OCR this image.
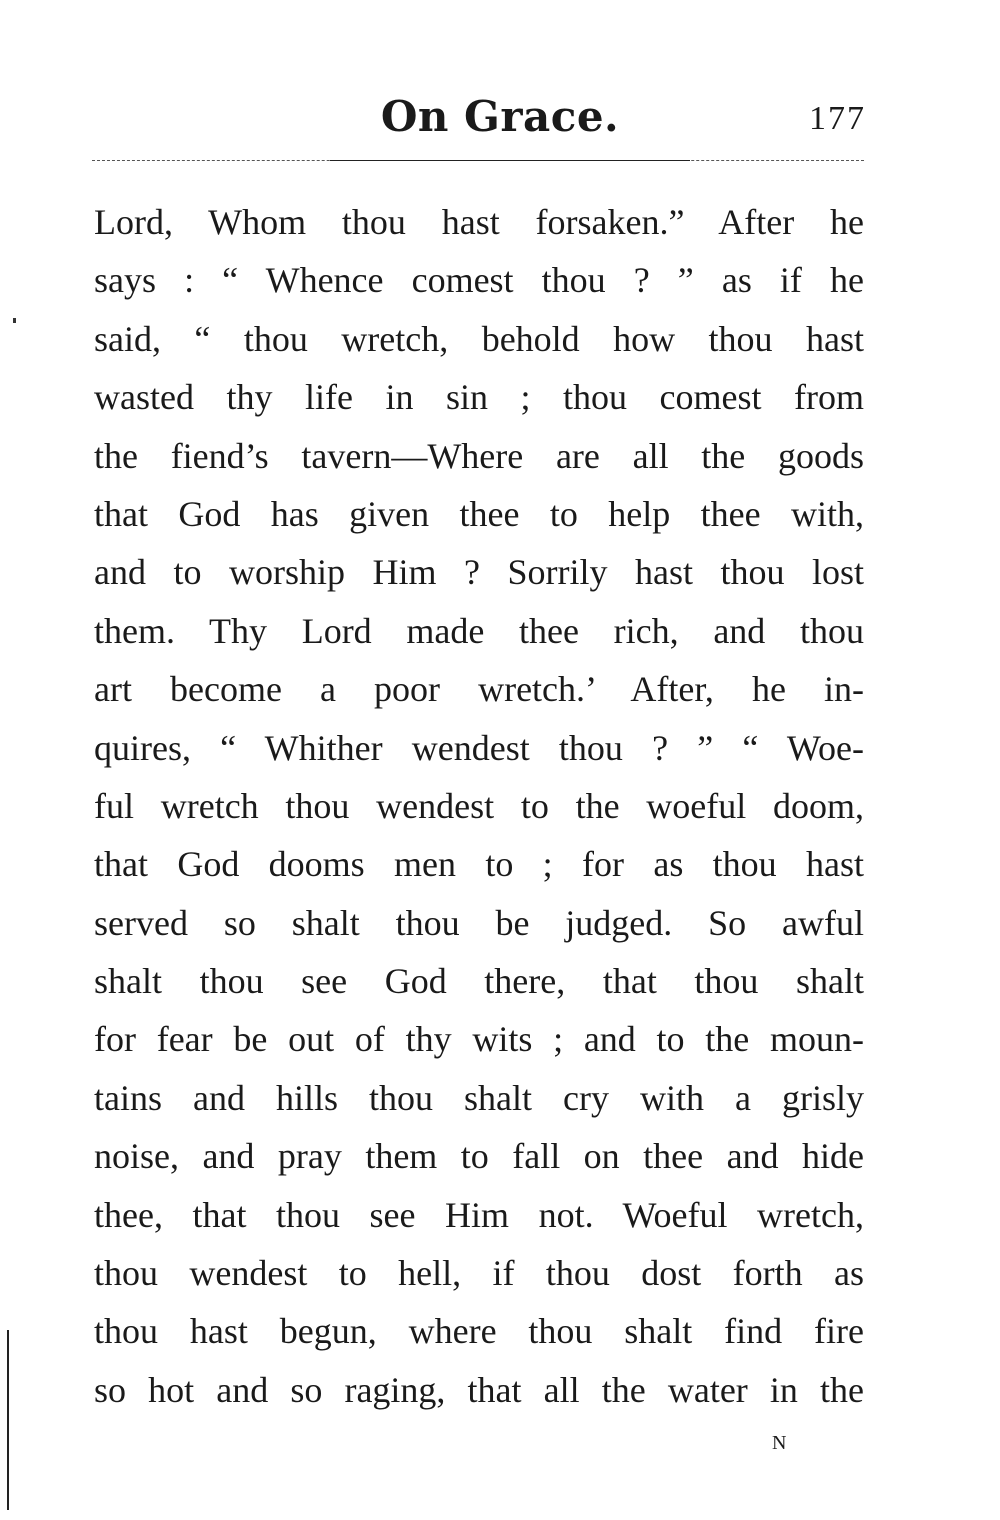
On Grace.	177
Lord, Whom thou hast forsaken.” After he
says : “ Whence comest thou ? ” as if he
said, “ thou wretch, behold how thou hast
wasted thy life in sin ; thou comest from
the fiend’s tavern—Where are all the goods
that God has given thee to help thee with,
and to worship Him ? Sorrily hast thou lost
them. Thy Lord made thee rich, and thou
art become a poor wretch.’ After, he in-
quires, “ Whither wendest thou ? ” “ Woe-
ful wretch thou wendest to the woeful doom,
that God dooms men to ; for as thou hast
served so shalt thou be judged. So awful
shalt thou see God there, that thou shalt
for fear be out of thy wits ; and to the moun-
tains and hills thou shalt cry with a grisly
noise, and pray them to fall on thee and hide
thee, that thou see Him not. Woeful wretch,
thou wendest to hell, if thou dost forth as
thou hast begun, where thou shalt find fire
so hot and so raging, that all the water in the
N
